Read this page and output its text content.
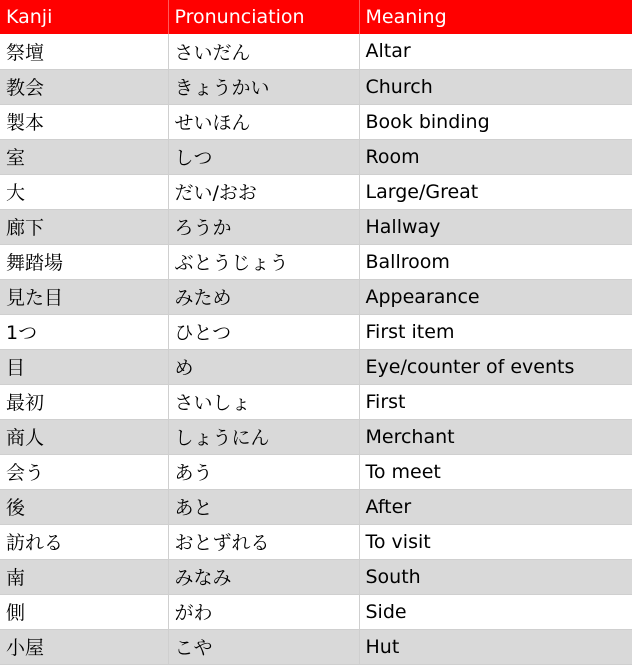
Kanji	Pronunciation	Meaning
祭壇	さいだん	Altar
教会	きょうかい	Church
製本	せいほん	Book binding
室	しつ	Room
大	だい/おお	Large/Great
廊下	ろうか	Hallway
舞踏場	ぶとうじょう	Ballroom
見た目	みため	Appearance
1つ	ひとつ	First item
目	め	Eye/counter of events
最初	さいしょ	First
商人	しょうにん	Merchant
会う	あう	To meet
後	あと	After
訪れる	おとずれる	To visit
南	みなみ	South
側	がわ	Side
小屋	こや	Hut
